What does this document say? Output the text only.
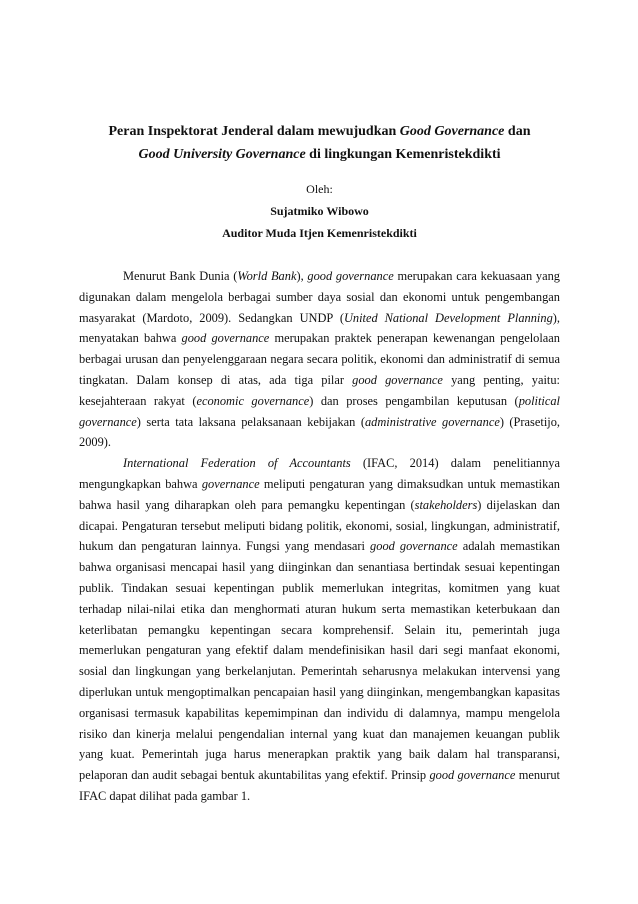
Peran Inspektorat Jenderal dalam mewujudkan Good Governance dan
Good University Governance di lingkungan Kemenristekdikti
Oleh:
Sujatmiko Wibowo
Auditor Muda Itjen Kemenristekdikti

Menurut Bank Dunia (World Bank), good governance merupakan cara kekuasaan yang digunakan dalam mengelola berbagai sumber daya sosial dan ekonomi untuk pengembangan masyarakat (Mardoto, 2009). Sedangkan UNDP (United National Development Planning), menyatakan bahwa good governance merupakan praktek penerapan kewenangan pengelolaan berbagai urusan dan penyelenggaraan negara secara politik, ekonomi dan administratif di semua tingkatan. Dalam konsep di atas, ada tiga pilar good governance yang penting, yaitu: kesejahteraan rakyat (economic governance) dan proses pengambilan keputusan (political governance) serta tata laksana pelaksanaan kebijakan (administrative governance) (Prasetijo, 2009).

International Federation of Accountants (IFAC, 2014) dalam penelitiannya mengungkapkan bahwa governance meliputi pengaturan yang dimaksudkan untuk memastikan bahwa hasil yang diharapkan oleh para pemangku kepentingan (stakeholders) dijelaskan dan dicapai. Pengaturan tersebut meliputi bidang politik, ekonomi, sosial, lingkungan, administratif, hukum dan pengaturan lainnya. Fungsi yang mendasari good governance adalah memastikan bahwa organisasi mencapai hasil yang diinginkan dan senantiasa bertindak sesuai kepentingan publik. Tindakan sesuai kepentingan publik memerlukan integritas, komitmen yang kuat terhadap nilai-nilai etika dan menghormati aturan hukum serta memastikan keterbukaan dan keterlibatan pemangku kepentingan secara komprehensif. Selain itu, pemerintah juga memerlukan pengaturan yang efektif dalam mendefinisikan hasil dari segi manfaat ekonomi, sosial dan lingkungan yang berkelanjutan. Pemerintah seharusnya melakukan intervensi yang diperlukan untuk mengoptimalkan pencapaian hasil yang diinginkan, mengembangkan kapasitas organisasi termasuk kapabilitas kepemimpinan dan individu di dalamnya, mampu mengelola risiko dan kinerja melalui pengendalian internal yang kuat dan manajemen keuangan publik yang kuat. Pemerintah juga harus menerapkan praktik yang baik dalam hal transparansi, pelaporan dan audit sebagai bentuk akuntabilitas yang efektif. Prinsip good governance menurut IFAC dapat dilihat pada gambar 1.
